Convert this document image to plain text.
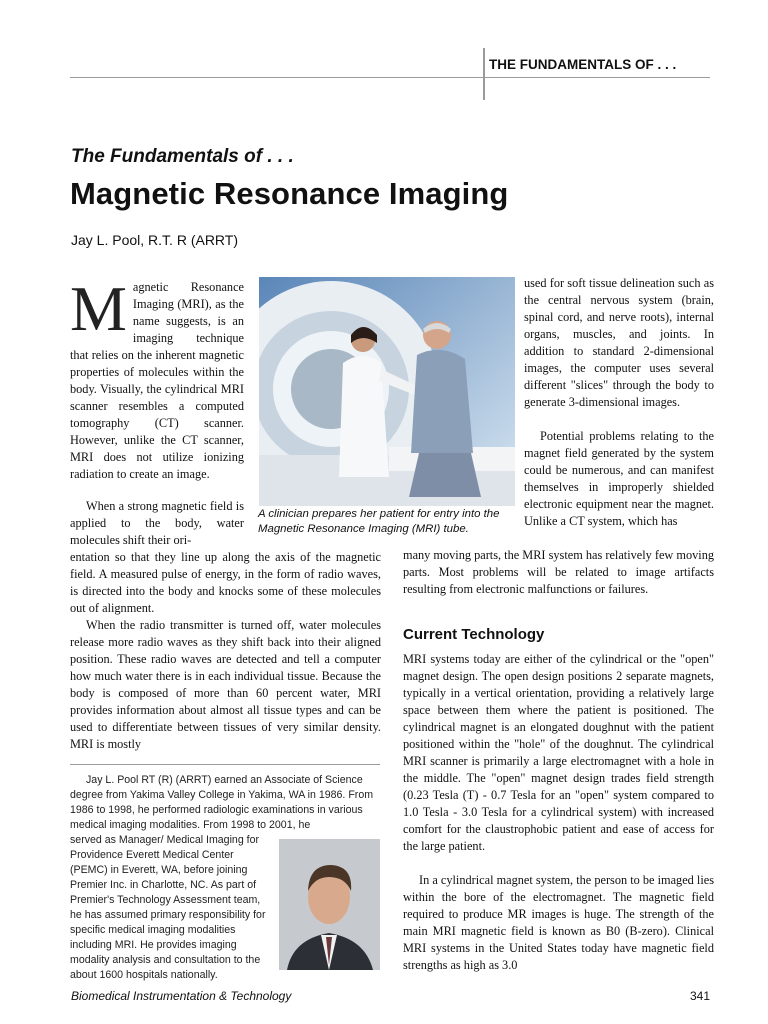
THE FUNDAMENTALS OF . . .
The Fundamentals of . . .
Magnetic Resonance Imaging
Jay L. Pool, R.T. R (ARRT)
Magnetic Resonance Imaging (MRI), as the name suggests, is an imaging technique that relies on the inherent magnetic properties of molecules within the body. Visually, the cylindrical MRI scanner resembles a computed tomography (CT) scanner. However, unlike the CT scanner, MRI does not utilize ionizing radiation to create an image.

When a strong magnetic field is applied to the body, water molecules shift their ori-

A clinician prepares her patient for entry into the Magnetic Resonance Imaging (MRI) tube.

used for soft tissue delineation such as the central nervous system (brain, spinal cord, and nerve roots), internal organs, muscles, and joints. In addition to standard 2-dimensional images, the computer uses several different "slices" through the body to generate 3-dimensional images.

Potential problems relating to the magnet field generated by the system could be numerous, and can manifest themselves in improperly shielded electronic equipment near the magnet. Unlike a CT system, which has

many moving parts, the MRI system has relatively few moving parts. Most problems will be related to image artifacts resulting from electronic malfunctions or failures.

entation so that they line up along the axis of the magnetic field. A measured pulse of energy, in the form of radio waves, is directed into the body and knocks some of these molecules out of alignment.

When the radio transmitter is turned off, water molecules release more radio waves as they shift back into their aligned position. These radio waves are detected and tell a computer how much water there is in each individual tissue. Because the body is composed of more than 60 percent water, MRI provides information about almost all tissue types and can be used to differentiate between tissues of very similar density. MRI is mostly

Current Technology

MRI systems today are either of the cylindrical or the "open" magnet design. The open design positions 2 separate magnets, typically in a vertical orientation, providing a relatively large space between them where the patient is positioned. The cylindrical magnet is an elongated doughnut with the patient positioned within the "hole" of the doughnut. The cylindrical MRI scanner is primarily a large electromagnet with a hole in the middle. The "open" magnet design trades field strength (0.23 Tesla (T) - 0.7 Tesla for an "open" system compared to 1.0 Tesla - 3.0 Tesla for a cylindrical system) with increased comfort for the claustrophobic patient and ease of access for the large patient.

In a cylindrical magnet system, the person to be imaged lies within the bore of the electromagnet. The magnetic field required to produce MR images is huge. The strength of the main MRI magnetic field is known as B0 (B-zero). Clinical MRI systems in the United States today have magnetic field strengths as high as 3.0

Jay L. Pool RT (R) (ARRT) earned an Associate of Science degree from Yakima Valley College in Yakima, WA in 1986. From 1986 to 1998, he performed radiologic examinations in various medical imaging modalities. From 1998 to 2001, he

served as Manager/ Medical Imaging for Providence Everett Medical Center (PEMC) in Everett, WA, before joining Premier Inc. in Charlotte, NC. As part of Premier's Technology Assessment team, he has assumed primary responsibility for specific medical imaging modalities including MRI. He provides imaging modality analysis and consultation to the about 1600 hospitals nationally.

Biomedical Instrumentation & Technology	341
